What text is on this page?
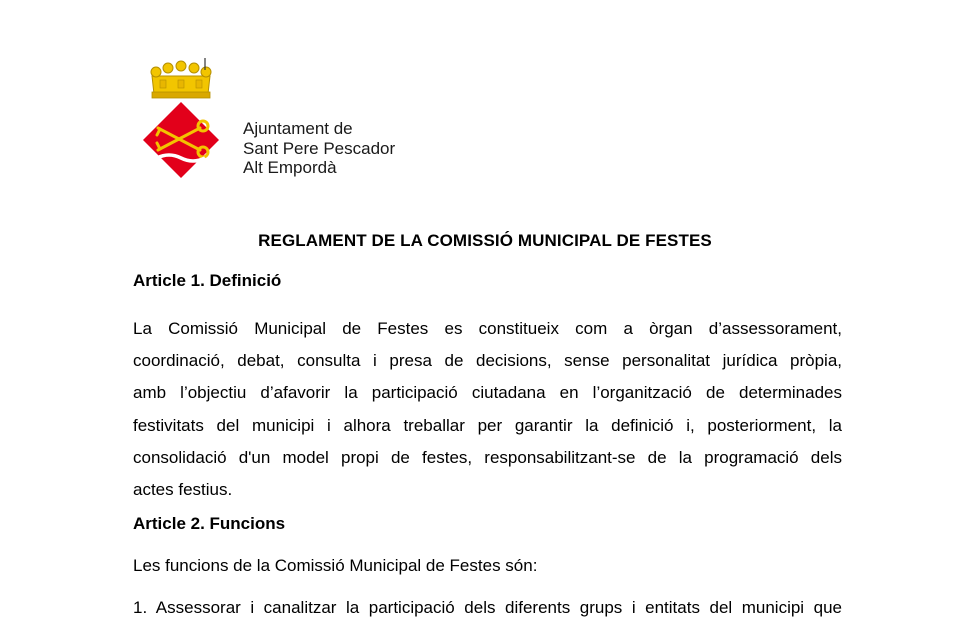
Ajuntament de
Sant Pere Pescador
Alt Empordà
REGLAMENT DE LA COMISSIÓ MUNICIPAL DE FESTES
Article 1. Definició
La Comissió Municipal de Festes es constitueix com a òrgan d’assessorament,
coordinació, debat, consulta i presa de decisions, sense personalitat jurídica pròpia,
amb l’objectiu d’afavorir la participació ciutadana en l’organització de determinades
festivitats del municipi i alhora treballar per garantir la definició i, posteriorment, la
consolidació d'un model propi de festes, responsabilitzant-se de la programació dels
actes festius.
Article 2. Funcions
Les funcions de la Comissió Municipal de Festes són:
1. Assessorar i canalitzar la participació dels diferents grups i entitats del municipi que
